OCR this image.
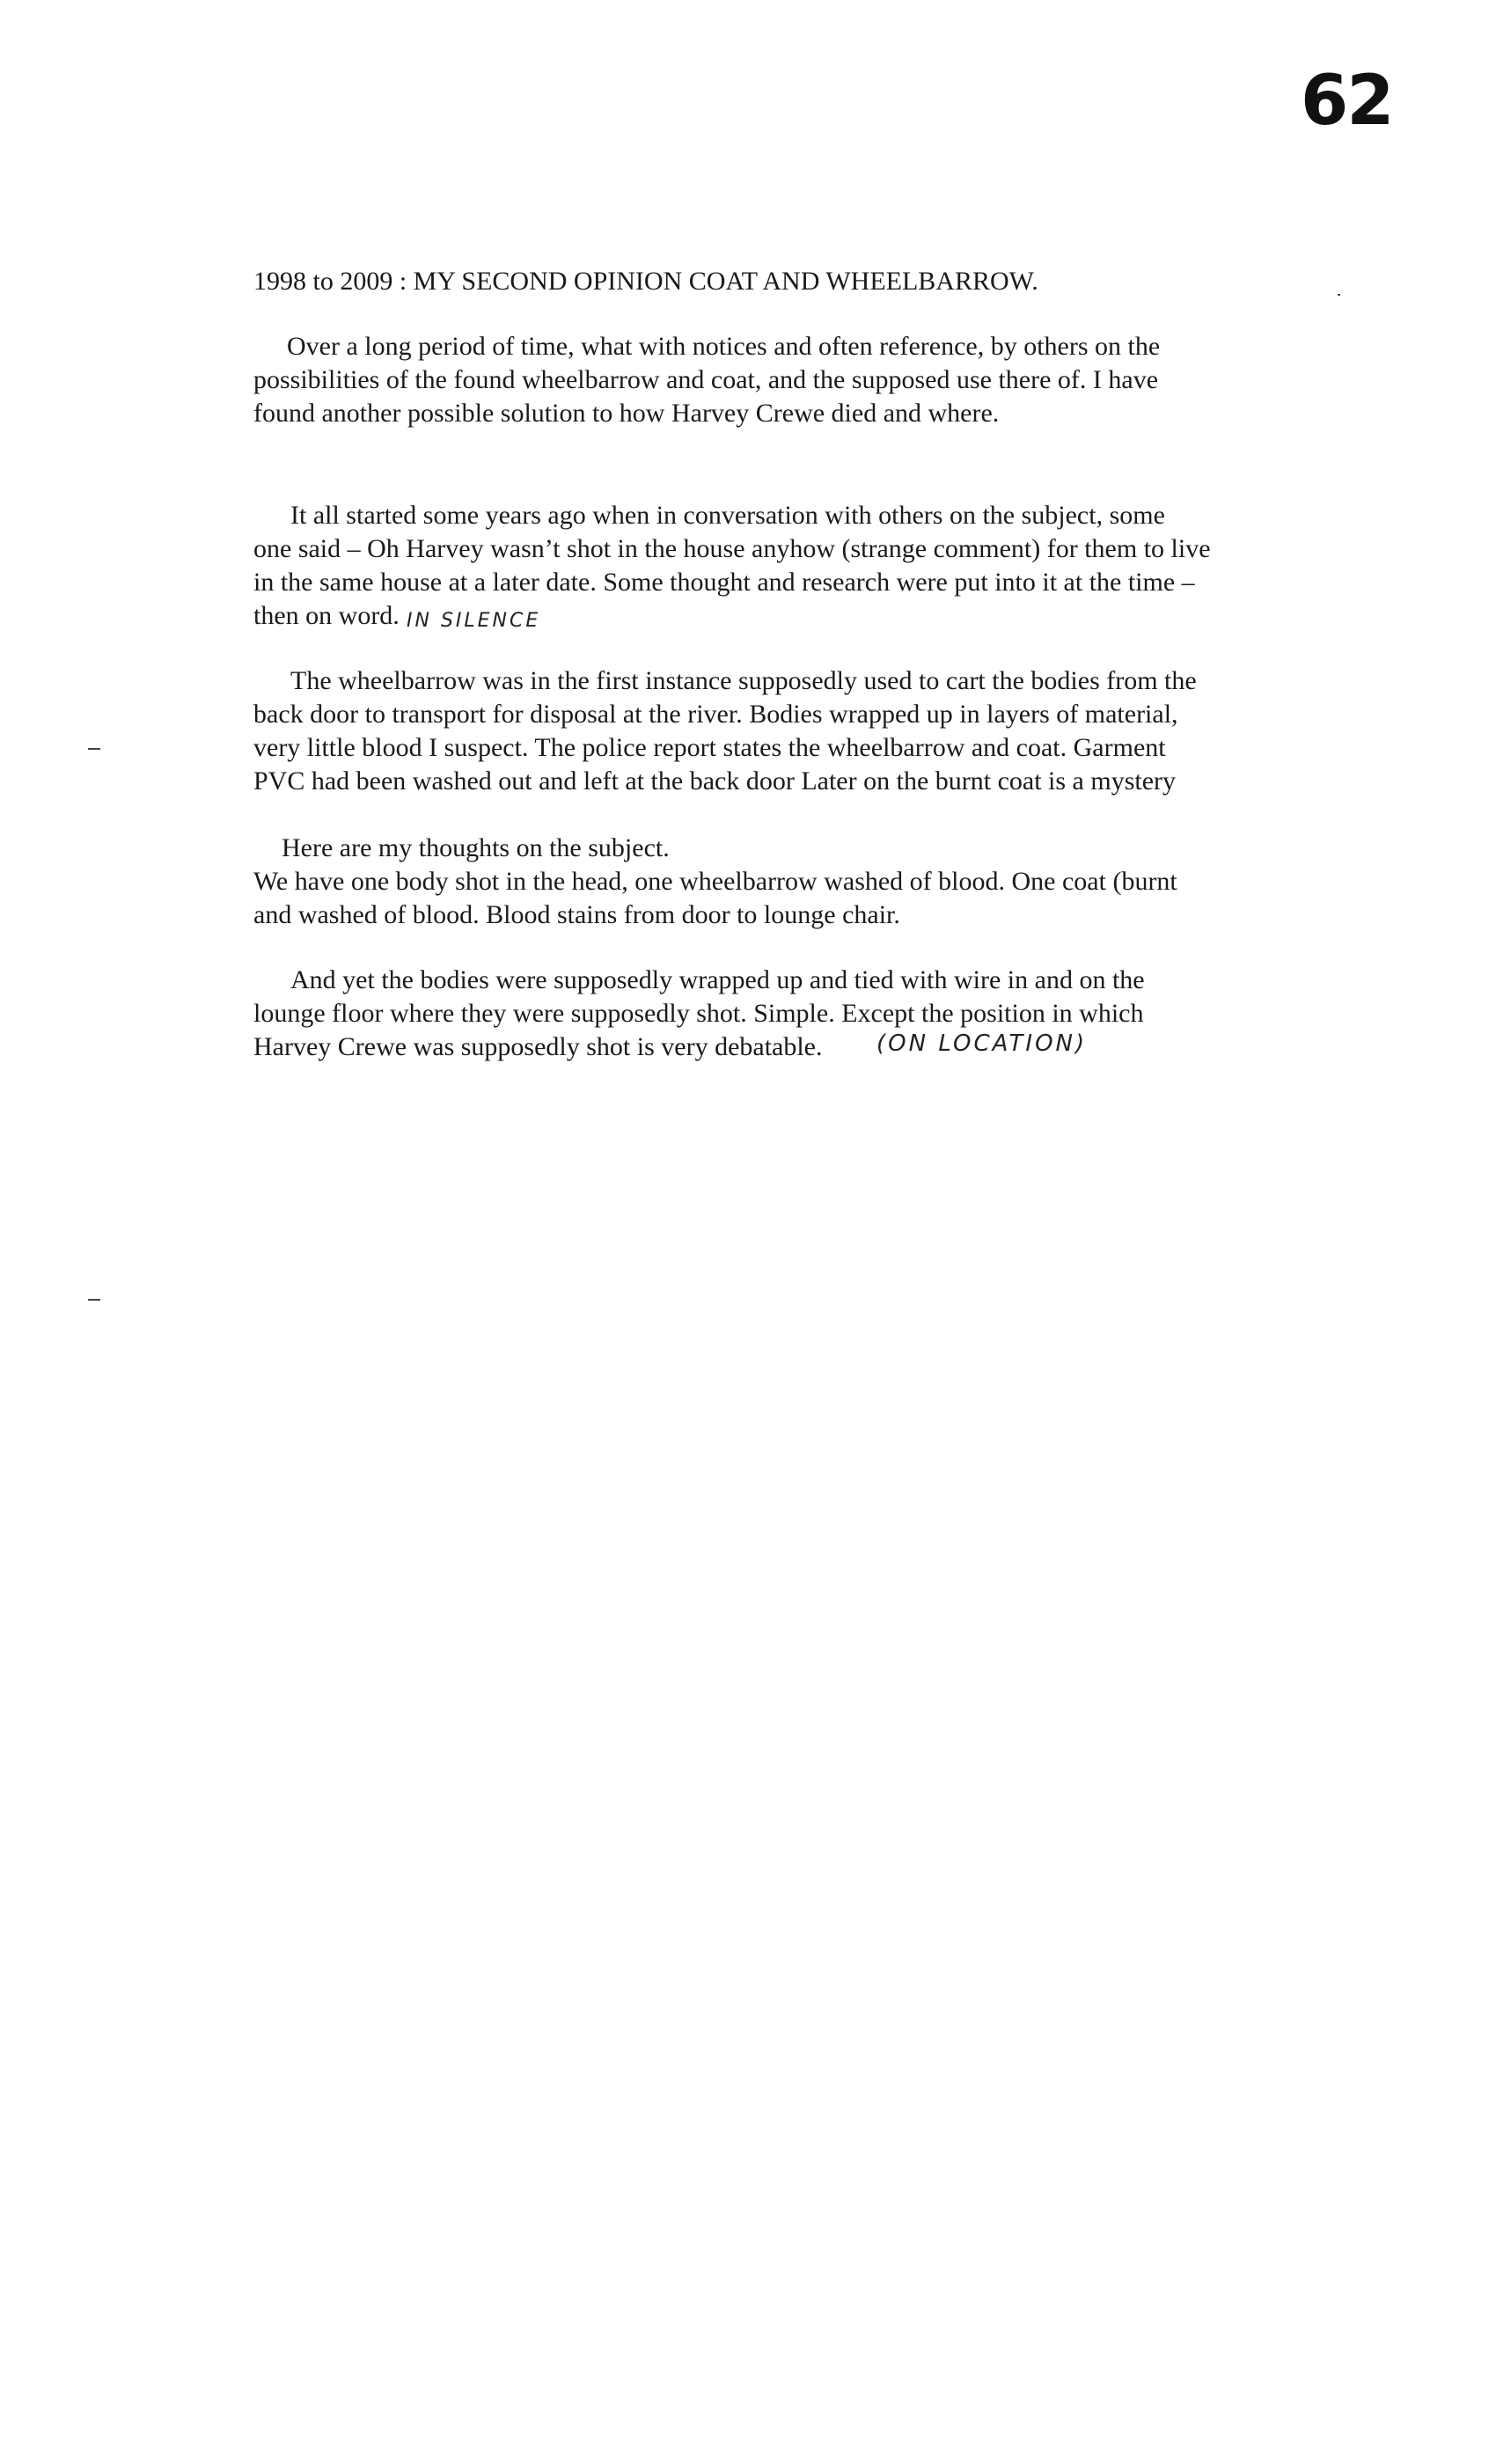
62
1998 to 2009 : MY SECOND OPINION COAT AND WHEELBARROW.
Over a long period of time, what with notices and often reference, by others on the
possibilities of the found wheelbarrow and coat, and the supposed use there of. I have
found another possible solution to how Harvey Crewe died and where.
It all started some years ago when in conversation with others on the subject, some
one said – Oh Harvey wasn’t shot in the house anyhow (strange comment) for them to live
in the same house at a later date. Some thought and research were put into it at the time –
then on word. IN SILENCE
The wheelbarrow was in the first instance supposedly used to cart the bodies from the
back door to transport for disposal at the river. Bodies wrapped up in layers of material,
very little blood I suspect. The police report states the wheelbarrow and coat. Garment
PVC had been washed out and left at the back door Later on the burnt coat is a mystery
Here are my thoughts on the subject.
We have one body shot in the head, one wheelbarrow washed of blood. One coat (burnt
and washed of blood. Blood stains from door to lounge chair.
And yet the bodies were supposedly wrapped up and tied with wire in and on the
lounge floor where they were supposedly shot. Simple. Except the position in which
Harvey Crewe was supposedly shot is very debatable. (ON LOCATION)
